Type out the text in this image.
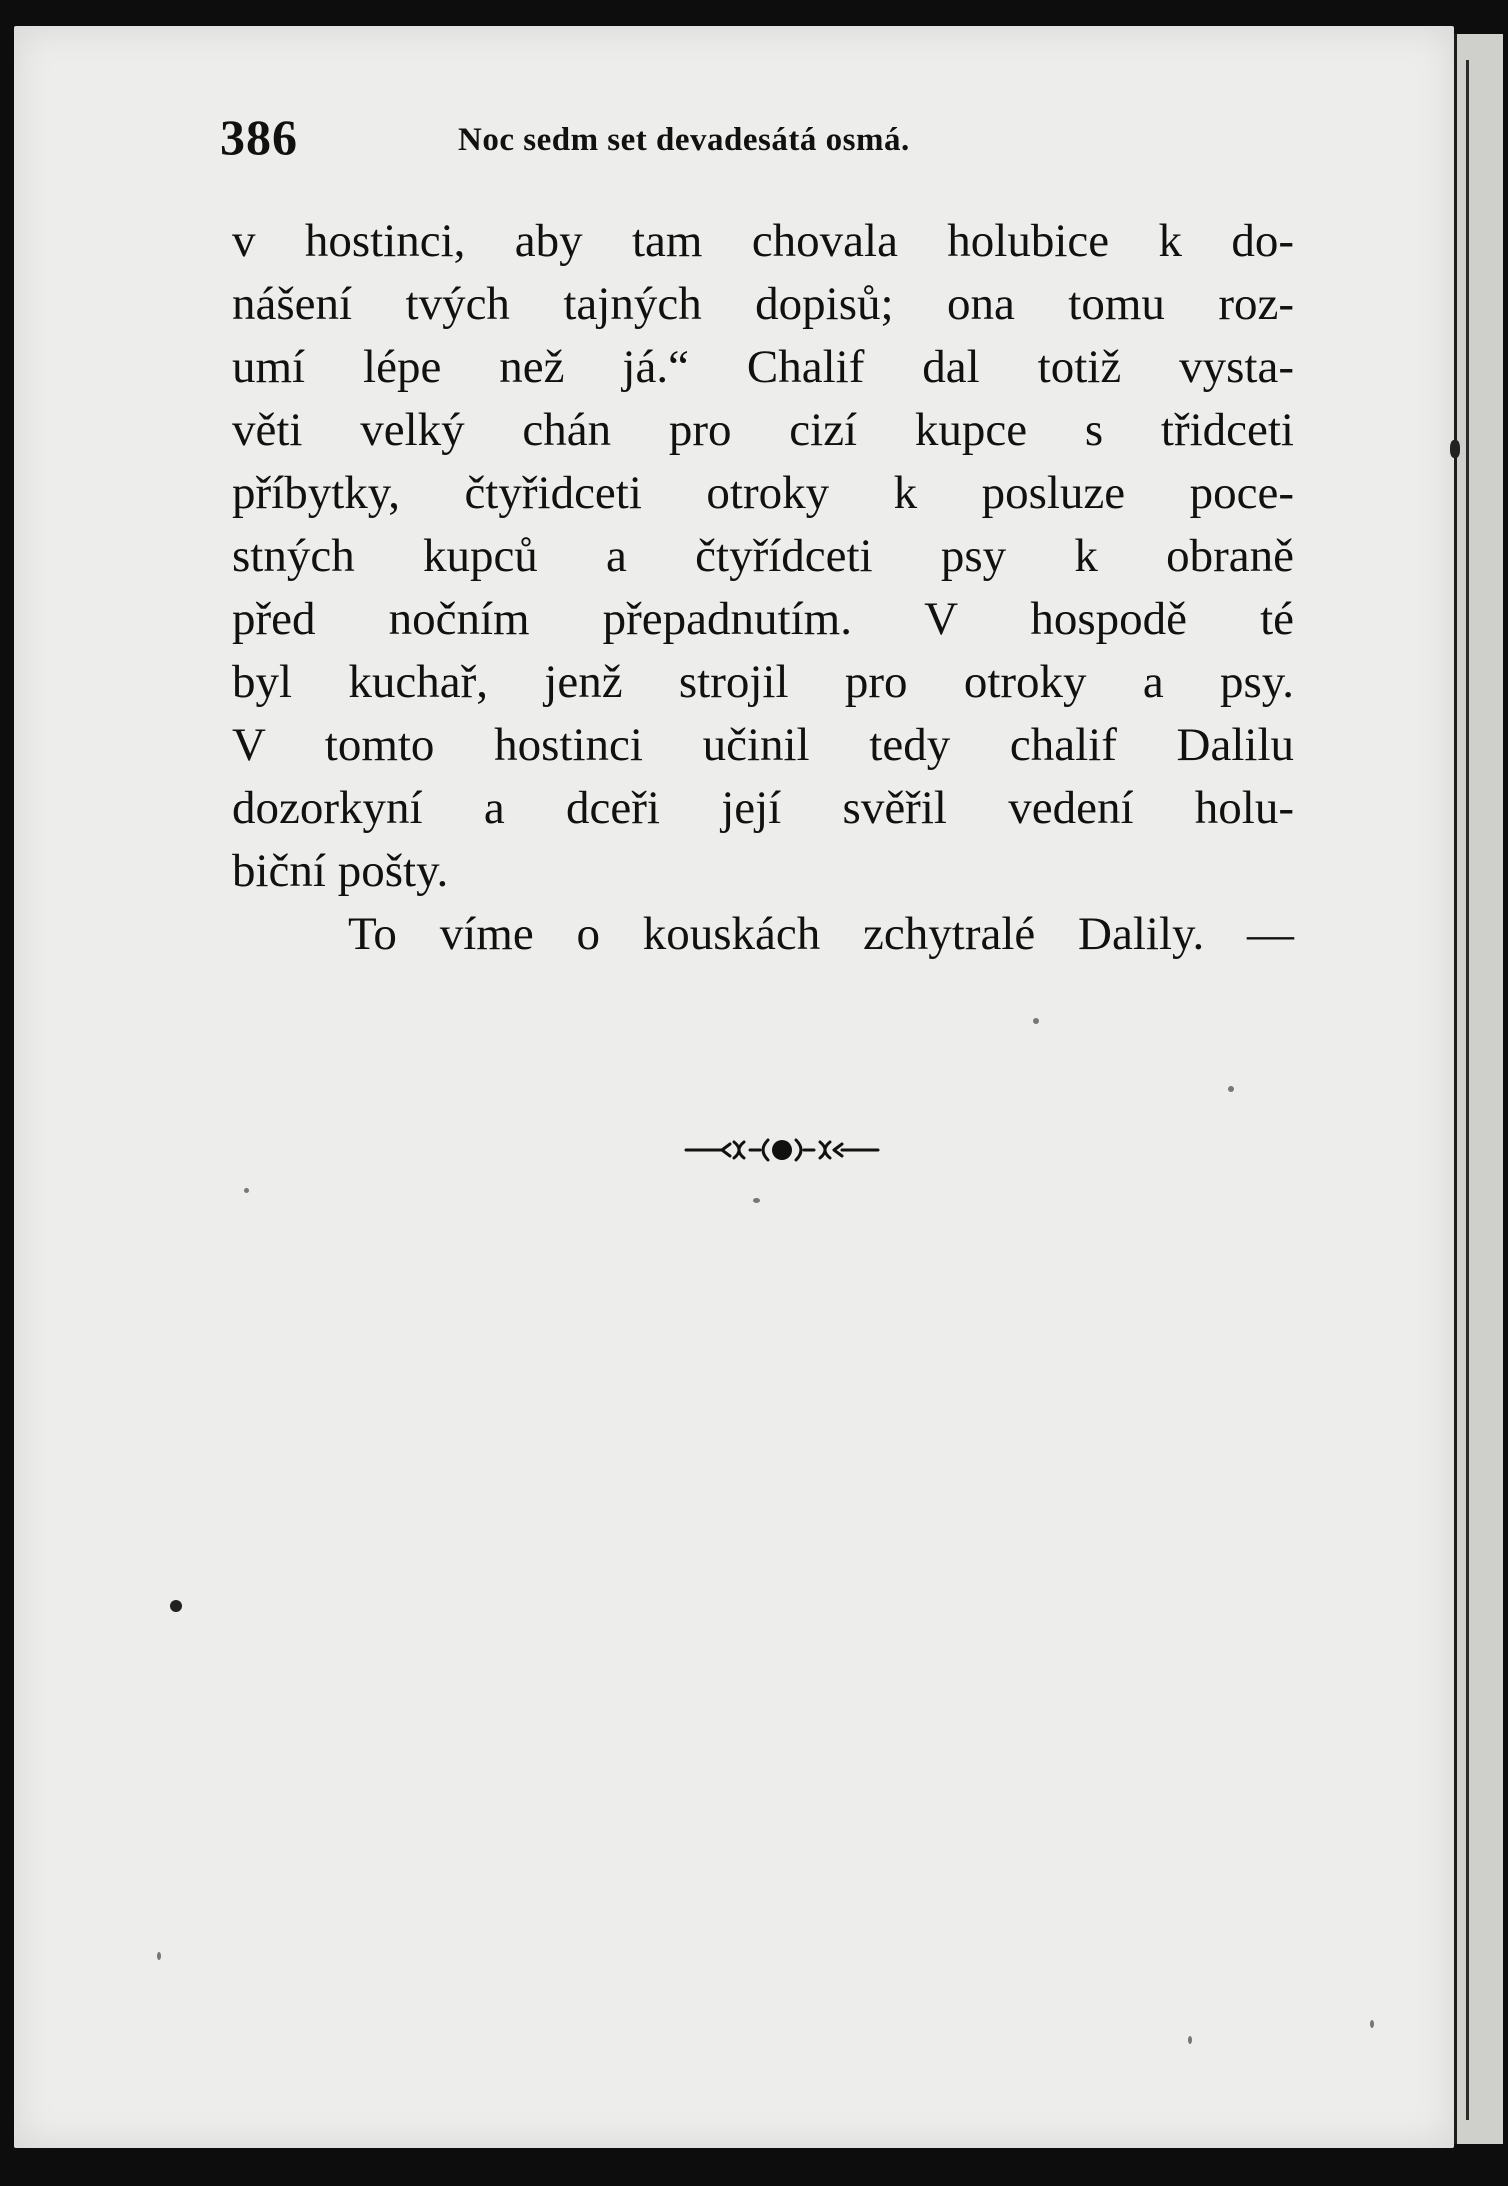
386	Noc sedm set devadesátá osmá.
v hostinci, aby tam chovala holubice k do-
nášení tvých tajných dopisů; ona tomu roz-
umí lépe než já.“ Chalif dal totiž vysta-
věti velký chán pro cizí kupce s třidceti
příbytky, čtyřidceti otroky k posluze poce-
stných kupců a čtyřídceti psy k obraně
před nočním přepadnutím. V hospodě té
byl kuchař, jenž strojil pro otroky a psy.
V tomto hostinci učinil tedy chalif Dalilu
dozorkyní a dceři její svěřil vedení holu-
biční pošty.
To víme o kouskách zchytralé Dalily. —
